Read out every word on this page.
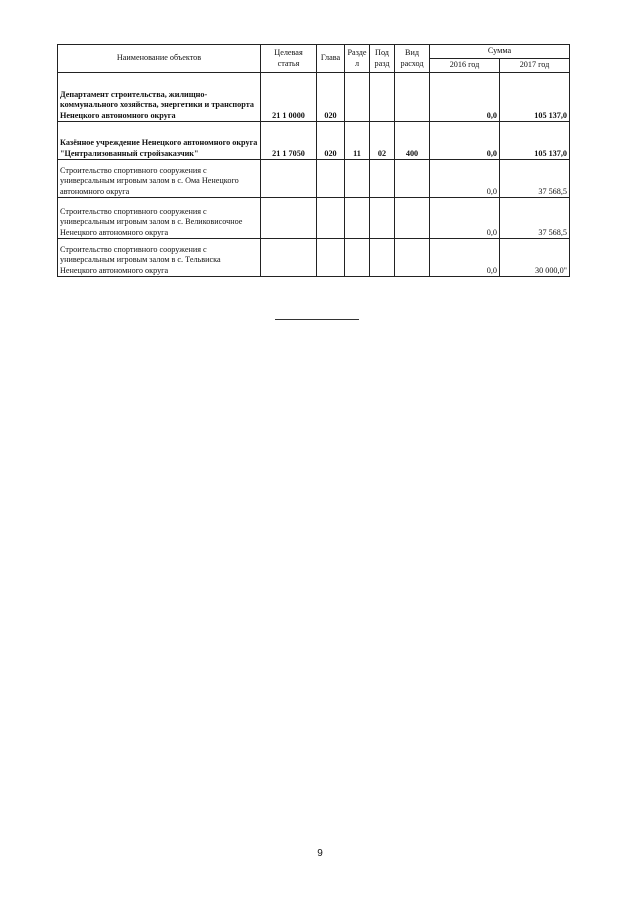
Наименование объектов	Целевая статья	Глава	Разде л	Под разд	Вид расход	Сумма	
						2016 год	2017 год
Департамент строительства, жилищно-коммунального хозяйства, энергетики и транспорта Ненецкого автономного округа	21 1 0000	020				0,0	105 137,0
Казённое учреждение Ненецкого автономного округа "Централизованный стройзаказчик"	21 1 7050	020	11	02	400	0,0	105 137,0
Строительство спортивного сооружения с универсальным игровым залом в с. Ома Ненецкого автономного округа						0,0	37 568,5
Строительство спортивного сооружения с универсальным игровым залом в с. Великовисочное Ненецкого автономного округа						0,0	37 568,5
Строительство спортивного сооружения с универсальным игровым залом в с. Тельвиска Ненецкого автономного округа						0,0	30 000,0"
9
